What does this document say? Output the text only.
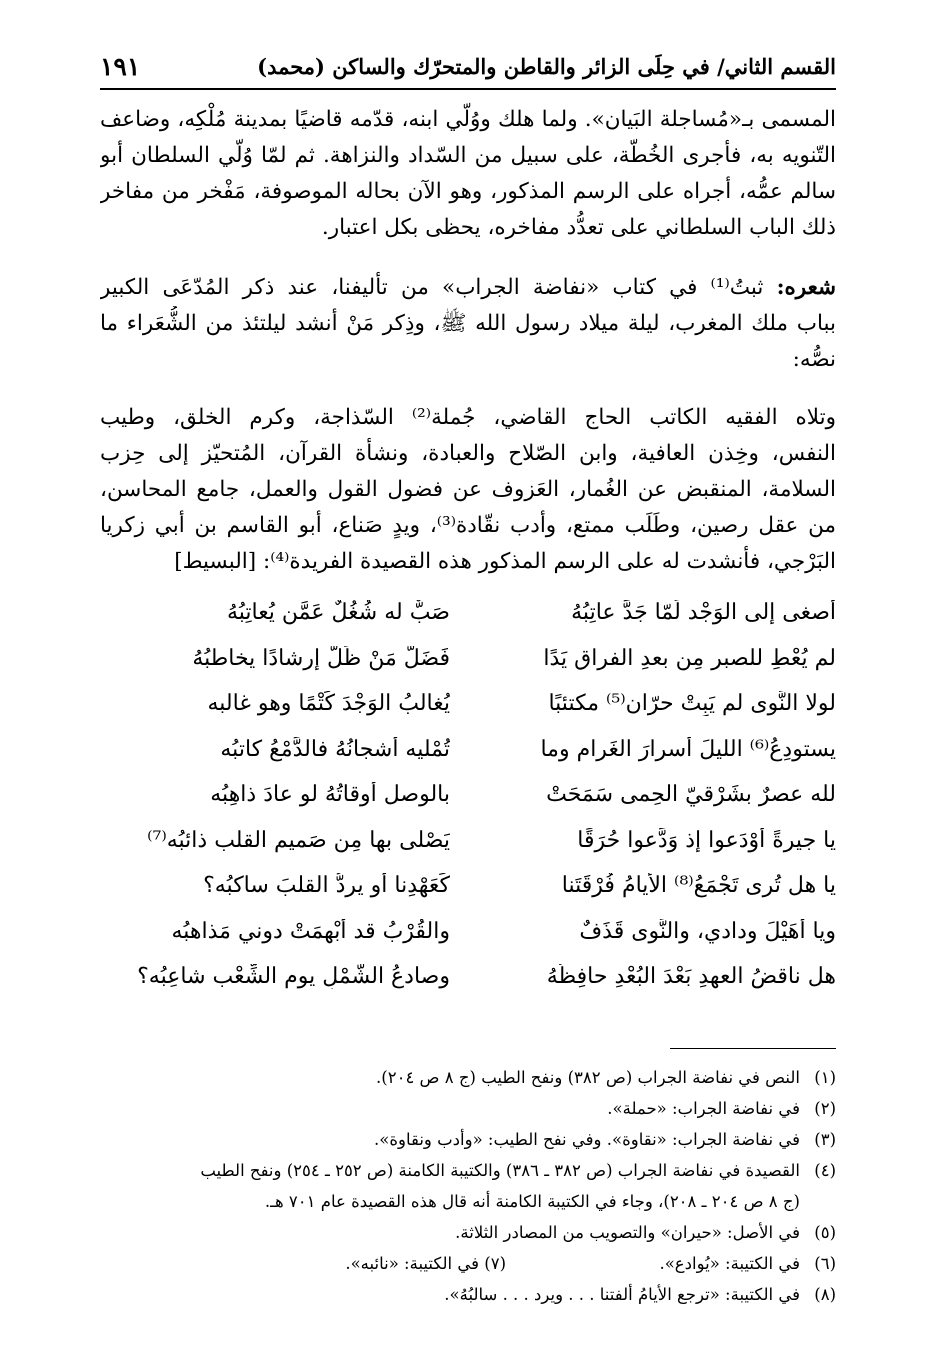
القسم الثاني/ في حِلَى الزائر والقاطن والمتحرّك والساكن (محمد)
١٩١
المسمى بـ«مُساجلة البَيان». ولما هلك ووُلّي ابنه، قدّمه قاضيًا بمدينة مُلْكِه، وضاعف
التّنويه به، فأجرى الخُطّة، على سبيل من السّداد والنزاهة. ثم لمّا وُلّي السلطان أبو
سالم عمُّه، أجراه على الرسم المذكور، وهو الآن بحاله الموصوفة، مَفْخر من مفاخر
ذلك الباب السلطاني على تعدُّد مفاخره، يحظى بكل اعتبار.
شعره: ثبتُ⁽¹⁾ في كتاب «نفاضة الجراب» من تأليفنا، عند ذكر المُدّعَى الكبير
بباب ملك المغرب، ليلة ميلاد رسول الله ﷺ، وذِكر مَنْ أنشد ليلتئذ من الشُّعَراء ما
نصُّه:
وتلاه الفقيه الكاتب الحاج القاضي، جُملة⁽²⁾ السّذاجة، وكرم الخلق، وطيب
النفس، وخِذن العافية، وابن الصّلاح والعبادة، ونشأة القرآن، المُتحيّز إلى حِزب
السلامة، المنقبض عن الغُمار، العَزوف عن فضول القول والعمل، جامع المحاسن،
من عقل رصين، وطَلَب ممتع، وأدب نقّادة⁽³⁾، ويدٍ صَناع، أبو القاسم بن أبي زكريا
البَرْجي، فأنشدت له على الرسم المذكور هذه القصيدة الفريدة⁽⁴⁾: [البسيط]
أصغى إلى الوَجْد لَمّا جَدَّ عاتِبُهُ
صَبٌّ له شُغُلٌ عَمَّن يُعاتِبُهُ
لم يُعْطِ للصبرِ مِن بعدِ الفراق يَدًا
فَضَلَّ مَنْ ظَلَّ إرشادًا يخاطبُهُ
لولا النَّوى لم يَبِتْ حرّان⁽⁵⁾ مكتئبًا
يُغالبُ الوَجْدَ كَتْمًا وهو غالبه
يستودِعُ⁽⁶⁾ الليلَ أسرارَ الغَرام وما
تُمْليه أشجانُهُ فالدَّمْعُ كاتبُه
لله عصرٌ بشَرْقيّ الحِمى سَمَحَتْ
بالوصل أوقاتُهُ لو عادَ ذاهِبُه
يا جيرةً أوْدَعوا إذ وَدَّعوا حُرَقًا
يَصْلى بها مِن صَميم القلب ذائبُه⁽⁷⁾
يا هل تُرى تَجْمَعُ⁽⁸⁾ الأيامُ فُرْقَتَنا
كَعَهْدِنا أو يردُّ القلبَ ساكبُه؟
ويا أُهَيْلَ وِدادي، والنَّوى قَذَفٌ
والقُرْبُ قد أُبْهِمَتْ دوني مَذاهبُه
هل ناقضُ العهدِ بَعْدَ البُعْدِ حافِظُهُ
وصادعُ الشَّمْلِ يوم الشِّعْب شاعِبُه؟
(١)
النص في نفاضة الجراب (ص ٣٨٢) ونفح الطيب (ج ٨ ص ٢٠٤).
(٢)
في نفاضة الجراب: «حملة».
(٣)
في نفاضة الجراب: «نقاوة». وفي نفح الطيب: «وأدب ونقاوة».
(٤)
القصيدة في نفاضة الجراب (ص ٣٨٢ ـ ٣٨٦) والكتيبة الكامنة (ص ٢٥٢ ـ ٢٥٤) ونفح الطيب
(ج ٨ ص ٢٠٤ ـ ٢٠٨)، وجاء في الكتيبة الكامنة أنه قال هذه القصيدة عام ٧٠١ هـ.
(٥)
في الأصل: «حيران» والتصويب من المصادر الثلاثة.
(٦)
في الكتيبة: «يُوادع».
(٧) في الكتيبة: «نائبه».
(٨)
في الكتيبة: «ترجع الأيامُ ألفتنا . . . ويرد . . . سالبُهُ».
